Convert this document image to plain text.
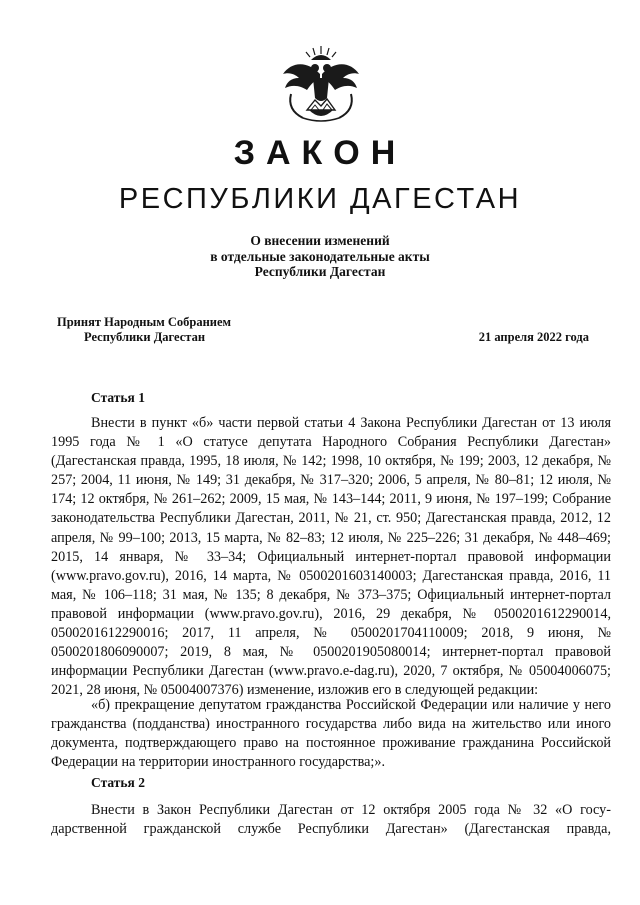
ЗАКОН
РЕСПУБЛИКИ ДАГЕСТАН
О внесении изменений
в отдельные законодательные акты
Республики Дагестан
Принят Народным Собранием
Республики Дагестан	21 апреля 2022 года
Статья 1

Внести в пункт «б» части первой статьи 4 Закона Республики Дагестан от 13 июля 1995 года № 1 «О статусе депутата Народного Собрания Республики Дагестан» (Дагестанская правда, 1995, 18 июля, № 142; 1998, 10 октября, № 199; 2003, 12 декабря, № 257; 2004, 11 июня, № 149; 31 декабря, № 317–320; 2006, 5 апреля, № 80–81; 12 июля, № 174; 12 октября, № 261–262; 2009, 15 мая, № 143–144; 2011, 9 июня, № 197–199; Собрание законодательства Республики Дагестан, 2011, № 21, ст. 950; Дагестанская правда, 2012, 12 апреля, № 99–100; 2013, 15 марта, № 82–83; 12 июля, № 225–226; 31 декабря, № 448–469; 2015, 14 января, № 33–34; Официальный интернет-портал правовой информации (www.pravo.gov.ru), 2016, 14 марта, № 0500201603140003; Дагестанская правда, 2016, 11 мая, № 106–118; 31 мая, № 135; 8 декабря, № 373–375; Официальный интернет-портал правовой информации (www.pravo.gov.ru), 2016, 29 декабря, № 0500201612290014, 0500201612290016; 2017, 11 апреля, № 0500201704110009; 2018, 9 июня, № 0500201806090007; 2019, 8 мая, № 0500201905080014; интернет-портал правовой информации Республики Дагестан (www.pravo.e-dag.ru), 2020, 7 октября, № 05004006075; 2021, 28 июня, № 05004007376) изменение, изложив его в следующей редакции:

«б) прекращение депутатом гражданства Российской Федерации или наличие у него гражданства (подданства) иностранного государства либо вида на жительство или иного документа, подтверждающего право на постоянное проживание гражданина Российской Федерации на территории иностранного государства;».

Статья 2

Внести в Закон Республики Дагестан от 12 октября 2005 года № 32 «О государственной гражданской службе Республики Дагестан» (Дагестанская правда,
